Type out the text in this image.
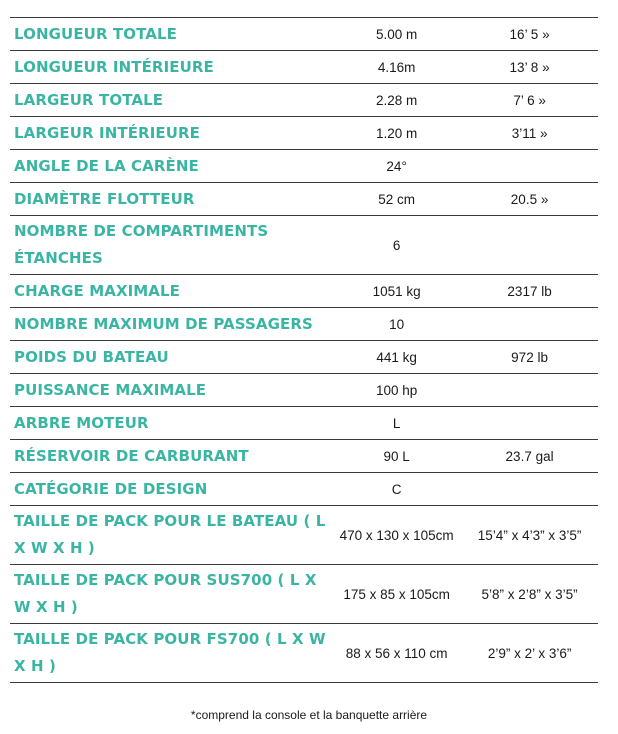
LONGUEUR TOTALE	5.00 m	16’ 5 »
LONGUEUR INTÉRIEURE	4.16m	13’ 8 »
LARGEUR TOTALE	2.28 m	7’ 6 »
LARGEUR INTÉRIEURE	1.20 m	3’11 »
ANGLE DE LA CARÈNE	24°	
DIAMÈTRE FLOTTEUR	52 cm	20.5 »
NOMBRE DE COMPARTIMENTS ÉTANCHES	6	
CHARGE MAXIMALE	1051 kg	2317 lb
NOMBRE MAXIMUM DE PASSAGERS	10	
POIDS DU BATEAU	441 kg	972 lb
PUISSANCE MAXIMALE	100 hp	
ARBRE MOTEUR	L	
RÉSERVOIR DE CARBURANT	90 L	23.7 gal
CATÉGORIE DE DESIGN	C	
TAILLE DE PACK POUR LE BATEAU ( L X W X H )	470 x 130 x 105cm	15’4” x 4’3” x 3’5”
TAILLE DE PACK POUR SUS700 ( L X W X H )	175 x 85 x 105cm	5’8” x 2’8” x 3’5”
TAILLE DE PACK POUR FS700 ( L X W X H )	88 x 56 x 110 cm	2’9” x 2’ x 3’6”
*comprend la console et la banquette arrière
